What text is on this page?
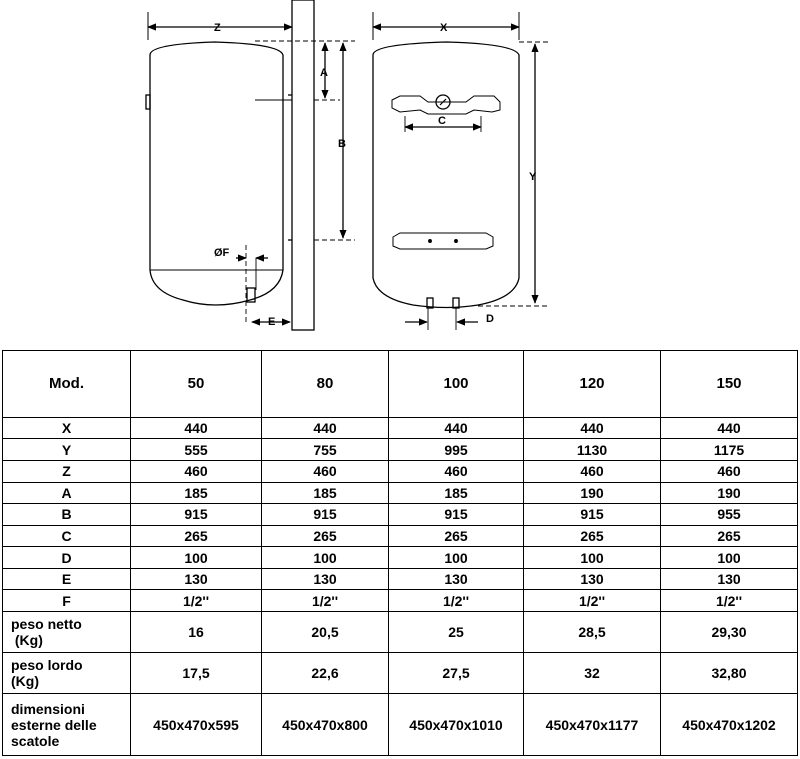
Z
A
B
ØF
E
X
C
Y
D
Mod.	50	80	100	120	150
X	440	440	440	440	440
Y	555	755	995	1130	1175
Z	460	460	460	460	460
A	185	185	185	190	190
B	915	915	915	915	955
C	265	265	265	265	265
D	100	100	100	100	100
E	130	130	130	130	130
F	1/2''	1/2''	1/2''	1/2''	1/2''
peso netto
(Kg)	16	20,5	25	28,5	29,30
peso lordo
(Kg)	17,5	22,6	27,5	32	32,80
dimensioni
esterne delle
scatole	450x470x595	450x470x800	450x470x1010	450x470x1177	450x470x1202
